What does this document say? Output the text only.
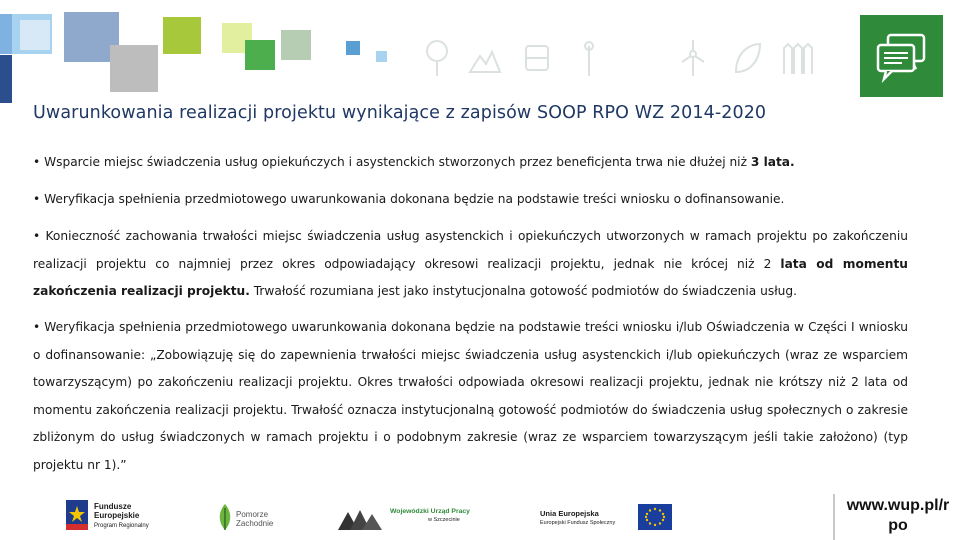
Uwarunkowania realizacji projektu wynikające z zapisów SOOP RPO WZ 2014-2020

• Wsparcie miejsc świadczenia usług opiekuńczych i asystenckich stworzonych przez beneficjenta trwa nie dłużej niż 3 lata.

• Weryfikacja spełnienia przedmiotowego uwarunkowania dokonana będzie na podstawie treści wniosku o dofinansowanie.

• Konieczność zachowania trwałości miejsc świadczenia usług asystenckich i opiekuńczych utworzonych w ramach projektu po zakończeniu realizacji projektu co najmniej przez okres odpowiadający okresowi realizacji projektu, jednak nie krócej niż 2 lata od momentu zakończenia realizacji projektu. Trwałość rozumiana jest jako instytucjonalna gotowość podmiotów do świadczenia usług.

• Weryfikacja spełnienia przedmiotowego uwarunkowania dokonana będzie na podstawie treści wniosku i/lub Oświadczenia w Części I wniosku o dofinansowanie: „Zobowiązuję się do zapewnienia trwałości miejsc świadczenia usług asystenckich i/lub opiekuńczych (wraz ze wsparciem towarzyszącym) po zakończeniu realizacji projektu. Okres trwałości odpowiada okresowi realizacji projektu, jednak nie krótszy niż 2 lata od momentu zakończenia realizacji projektu. Trwałość oznacza instytucjonalną gotowość podmiotów do świadczenia usług społecznych o zakresie zbliżonym do usług świadczonych w ramach projektu i o podobnym zakresie (wraz ze wsparciem towarzyszącym jeśli takie założono) (typ projektu nr 1).”

Fundusze
Europejskie
Program Regionalny
Pomorze
Zachodnie
Wojewódzki Urząd Pracy
w Szczecinie
Unia Europejska
Europejski Fundusz Społeczny
www.wup.pl/r po
